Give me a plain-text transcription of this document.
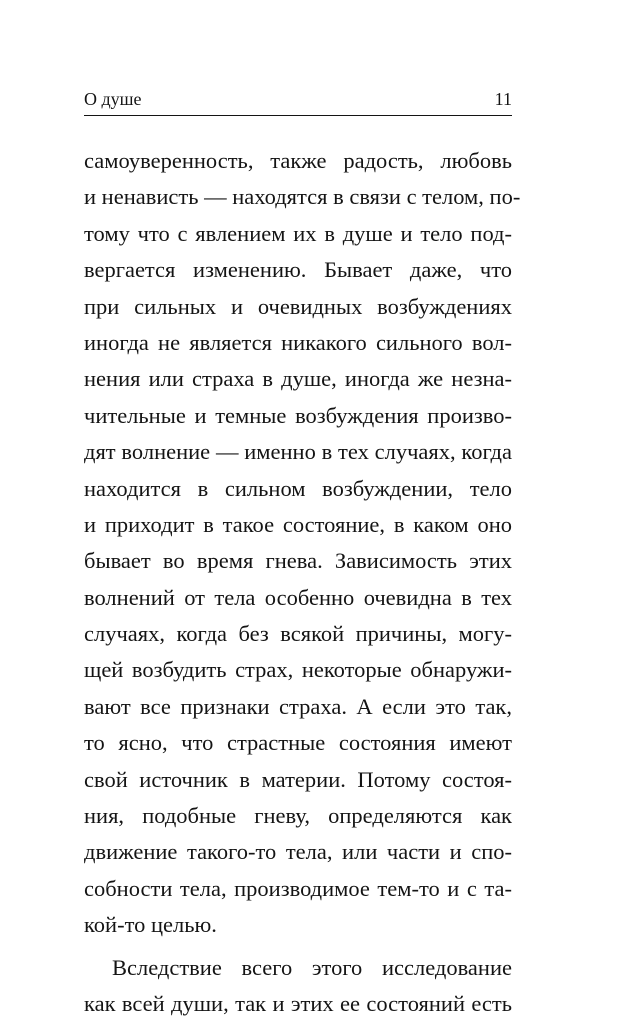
О душе	11
самоуверенность, также радость, любовь
и ненависть — находятся в связи с телом, по-
тому что с явлением их в душе и тело под-
вергается изменению. Бывает даже, что
при сильных и очевидных возбуждениях
иногда не является никакого сильного вол-
нения или страха в душе, иногда же незна-
чительные и темные возбуждения произво-
дят волнение — именно в тех случаях, когда
находится в сильном возбуждении, тело
и приходит в такое состояние, в каком оно
бывает во время гнева. Зависимость этих
волнений от тела особенно очевидна в тех
случаях, когда без всякой причины, могу-
щей возбудить страх, некоторые обнаружи-
вают все признаки страха. А если это так,
то ясно, что страстные состояния имеют
свой источник в материи. Потому состоя-
ния, подобные гневу, определяются как
движение такого-то тела, или части и спо-
собности тела, производимое тем-то и с та-
кой-то целью.
Вследствие всего этого исследование
как всей души, так и этих ее состояний есть
